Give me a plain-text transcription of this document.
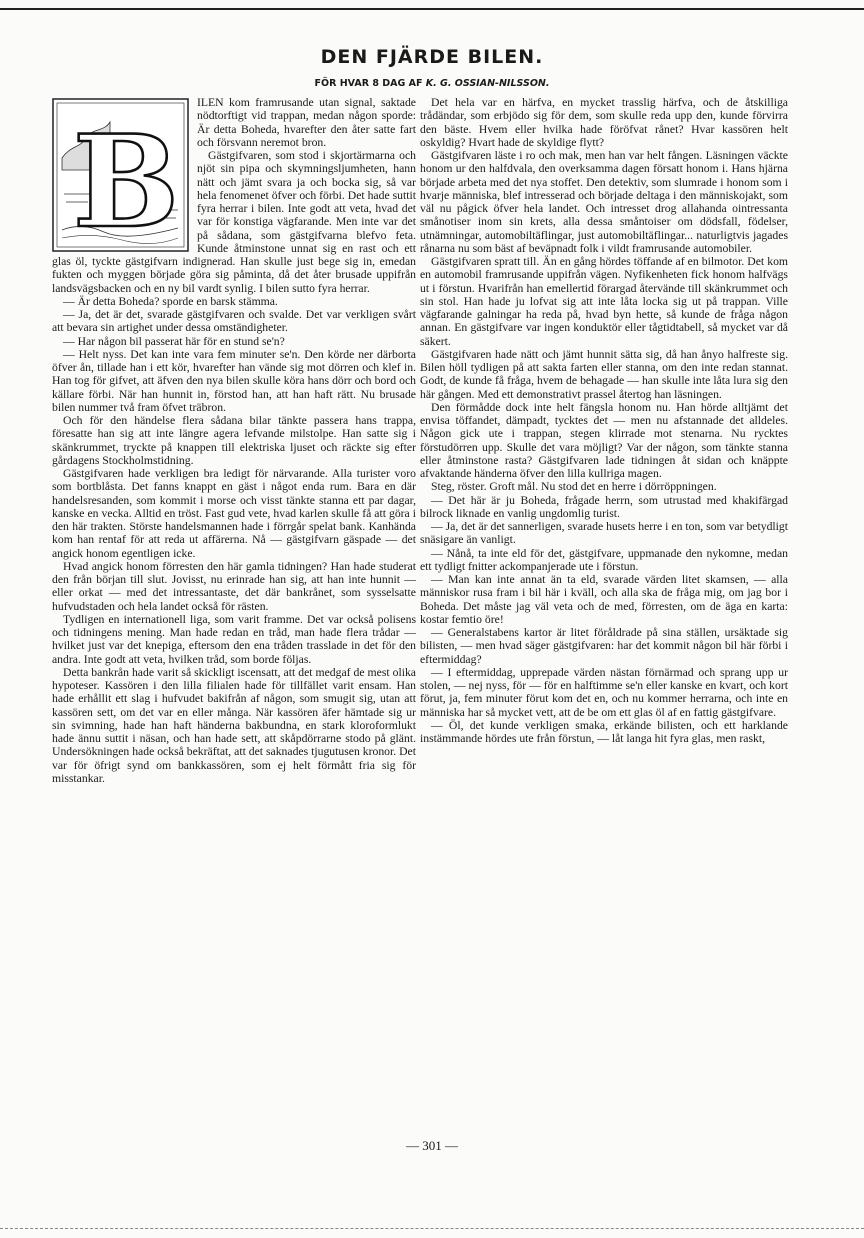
DEN FJÄRDE BILEN.
FÖR HVAR 8 DAG AF K. G. OSSIAN-NILSSON.
B

ILEN kom framrusande utan signal, saktade nödtorftigt vid trappan, medan någon sporde: Är detta Boheda, hvarefter den åter satte fart och försvann neremot bron.

Gästgifvaren, som stod i skjortärmarna och njöt sin pipa och skymningsljumheten, hann nätt och jämt svara ja och bocka sig, så var hela fenomenet öfver och förbi. Det hade suttit fyra herrar i bilen. Inte godt att veta, hvad det var för konstiga vägfarande. Men inte var det på sådana, som gästgifvarna blefvo feta. Kunde åtminstone unnat sig en rast och ett glas öl, tyckte gästgifvarn indignerad. Han skulle just bege sig in, emedan fukten och myggen började göra sig påminta, då det åter brusade uppifrån landsvägsbacken och en ny bil vardt synlig. I bilen sutto fyra herrar.

— Är detta Boheda? sporde en barsk stämma.

— Ja, det är det, svarade gästgifvaren och svalde. Det var verkligen svårt att bevara sin artighet under dessa omständigheter.

— Har någon bil passerat här för en stund se'n?

— Helt nyss. Det kan inte vara fem minuter se'n. Den körde ner därborta öfver ån, tillade han i ett kör, hvarefter han vände sig mot dörren och klef in. Han tog för gifvet, att äfven den nya bilen skulle köra hans dörr och bord och källare förbi. När han hunnit in, förstod han, att han haft rätt. Nu brusade bilen nummer två fram öfvet träbron.

Och för den händelse flera sådana bilar tänkte passera hans trappa, föresatte han sig att inte längre agera lefvande milstolpe. Han satte sig i skänkrummet, tryckte på knappen till elektriska ljuset och räckte sig efter gårdagens Stockholmstidning.

Gästgifvaren hade verkligen bra ledigt för närvarande. Alla turister voro som bortblåsta. Det fanns knappt en gäst i något enda rum. Bara en där handelsresanden, som kommit i morse och visst tänkte stanna ett par dagar, kanske en vecka. Alltid en tröst. Fast gud vete, hvad karlen skulle få att göra i den här trakten. Störste handelsmannen hade i förrgår spelat bank. Kanhända kom han rentaf för att reda ut affärerna. Nå — gästgifvarn gäspade — det angick honom egentligen icke.

Hvad angick honom förresten den här gamla tidningen? Han hade studerat den från början till slut. Jovisst, nu erinrade han sig, att han inte hunnit — eller orkat — med det intressantaste, det där bankrånet, som sysselsatte hufvudstaden och hela landet också för rästen.

Tydligen en internationell liga, som varit framme. Det var också polisens och tidningens mening. Man hade redan en tråd, man hade flera trådar — hvilket just var det knepiga, eftersom den ena tråden trasslade in det för den andra. Inte godt att veta, hvilken tråd, som borde följas.

Detta bankrån hade varit så skickligt iscensatt, att det medgaf de mest olika hypoteser. Kassören i den lilla filialen hade för tillfället varit ensam. Han hade erhållit ett slag i hufvudet bakifrån af någon, som smugit sig, utan att kassören sett, om det var en eller många. När kassören äfer hämtade sig ur sin svimning, hade han haft händerna bakbundna, en stark kloroformlukt hade ännu suttit i näsan, och han hade sett, att skåpdörrarne stodo på glänt. Undersökningen hade också bekräftat, att det saknades tjugutusen kronor. Det var för öfrigt synd om bankkassören, som ej helt förmått fria sig för misstankar.

Det hela var en härfva, en mycket trasslig härfva, och de åtskilliga trådändar, som erbjödo sig för dem, som skulle reda upp den, kunde förvirra den bäste. Hvem eller hvilka hade föröfvat rånet? Hvar kassören helt oskyldig? Hvart hade de skyldige flytt?

Gästgifvaren läste i ro och mak, men han var helt fången. Läsningen väckte honom ur den halfdvala, den overksamma dagen försatt honom i. Hans hjärna började arbeta med det nya stoffet. Den detektiv, som slumrade i honom som i hvarje människa, blef intresserad och började deltaga i den människojakt, som väl nu pågick öfver hela landet. Och intresset drog allahanda ointressanta smånotiser inom sin krets, alla dessa småntoiser om dödsfall, födelser, utnämningar, automobiltäflingar, just automobiltäflingar... naturligtvis jagades rånarna nu som bäst af beväpnadt folk i vildt framrusande automobiler.

Gästgifvaren spratt till. Än en gång hördes töffande af en bilmotor. Det kom en automobil framrusande uppifrån vägen. Nyfikenheten fick honom halfvägs ut i förstun. Hvarifrån han emellertid förargad återvände till skänkrummet och sin stol. Han hade ju lofvat sig att inte låta locka sig ut på trappan. Ville vägfarande galningar ha reda på, hvad byn hette, så kunde de fråga någon annan. En gästgifvare var ingen konduktör eller tågtidtabell, så mycket var då säkert.

Gästgifvaren hade nätt och jämt hunnit sätta sig, då han ånyo halfreste sig. Bilen höll tydligen på att sakta farten eller stanna, om den inte redan stannat. Godt, de kunde få fråga, hvem de behagade — han skulle inte låta lura sig den här gången. Med ett demonstrativt prassel återtog han läsningen.

Den förmådde dock inte helt fängsla honom nu. Han hörde alltjämt det envisa töffandet, dämpadt, tycktes det — men nu afstannade det alldeles. Någon gick ute i trappan, stegen klirrade mot stenarna. Nu rycktes förstudörren upp. Skulle det vara möjligt? Var der någon, som tänkte stanna eller åtminstone rasta? Gästgifvaren lade tidningen åt sidan och knäppte afvaktande händerna öfver den lilla kullriga magen.

Steg, röster. Groft mål. Nu stod det en herre i dörröppningen.

— Det här är ju Boheda, frågade herrn, som utrustad med khakifärgad bilrock liknade en vanlig ungdomlig turist.

— Ja, det är det sannerligen, svarade husets herre i en ton, som var betydligt snäsigare än vanligt.

— Nånå, ta inte eld för det, gästgifvare, uppmanade den nykomne, medan ett tydligt fnitter ackompanjerade ute i förstun.

— Man kan inte annat än ta eld, svarade värden litet skamsen, — alla människor rusa fram i bil här i kväll, och alla ska de fråga mig, om jag bor i Boheda. Det måste jag väl veta och de med, förresten, om de äga en karta: kostar femtio öre!

— Generalstabens kartor är litet föråldrade på sina ställen, ursäktade sig bilisten, — men hvad säger gästgifvaren: har det kommit någon bil här förbi i eftermiddag?

— I eftermiddag, upprepade värden nästan förnärmad och sprang upp ur stolen, — nej nyss, för — för en halftimme se'n eller kanske en kvart, och kort förut, ja, fem minuter förut kom det en, och nu kommer herrarna, och inte en människa har så mycket vett, att de be om ett glas öl af en fattig gästgifvare.

— Öl, det kunde verkligen smaka, erkände bilisten, och ett harklande instämmande hördes ute från förstun, — låt langa hit fyra glas, men raskt,

— 301 —
